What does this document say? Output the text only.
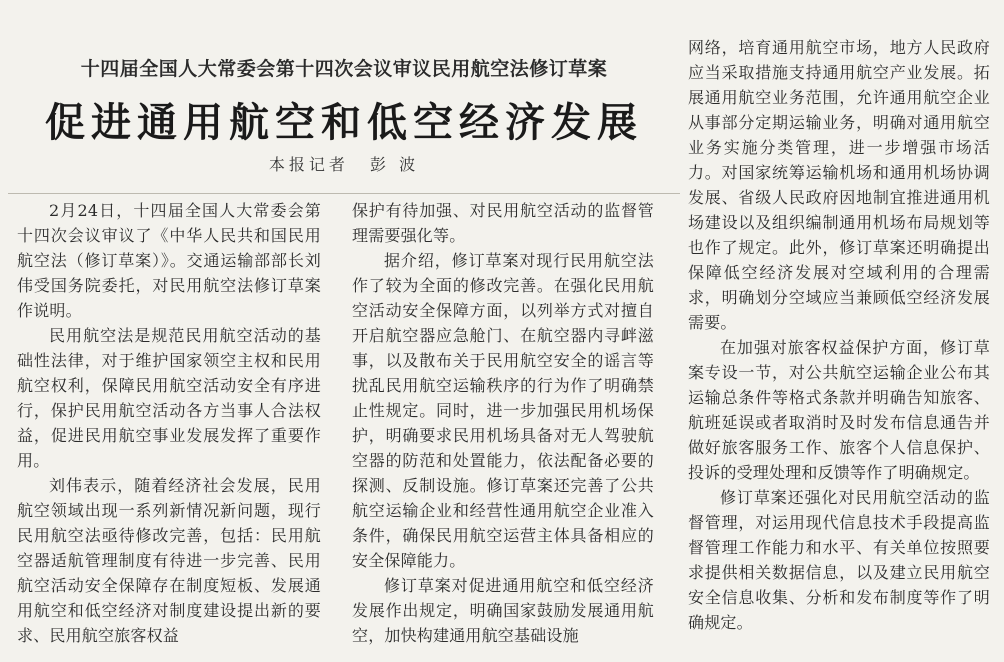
十四届全国人大常委会第十四次会议审议民用航空法修订草案
促进通用航空和低空经济发展
本报记者 彭 波

2月24日，十四届全国人大常委会第十四次会议审议了《中华人民共和国民用航空法（修订草案）》。交通运输部部长刘伟受国务院委托，对民用航空法修订草案作说明。

民用航空法是规范民用航空活动的基础性法律，对于维护国家领空主权和民用航空权利，保障民用航空活动安全有序进行，保护民用航空活动各方当事人合法权益，促进民用航空事业发展发挥了重要作用。

刘伟表示，随着经济社会发展，民用航空领域出现一系列新情况新问题，现行民用航空法亟待修改完善，包括：民用航空器适航管理制度有待进一步完善、民用航空活动安全保障存在制度短板、发展通用航空和低空经济对制度建设提出新的要求、民用航空旅客权益

保护有待加强、对民用航空活动的监督管理需要强化等。

据介绍，修订草案对现行民用航空法作了较为全面的修改完善。在强化民用航空活动安全保障方面，以列举方式对擅自开启航空器应急舱门、在航空器内寻衅滋事，以及散布关于民用航空安全的谣言等扰乱民用航空运输秩序的行为作了明确禁止性规定。同时，进一步加强民用机场保护，明确要求民用机场具备对无人驾驶航空器的防范和处置能力，依法配备必要的探测、反制设施。修订草案还完善了公共航空运输企业和经营性通用航空企业准入条件，确保民用航空运营主体具备相应的安全保障能力。

修订草案对促进通用航空和低空经济发展作出规定，明确国家鼓励发展通用航空，加快构建通用航空基础设施

网络，培育通用航空市场，地方人民政府应当采取措施支持通用航空产业发展。拓展通用航空业务范围，允许通用航空企业从事部分定期运输业务，明确对通用航空业务实施分类管理，进一步增强市场活力。对国家统筹运输机场和通用机场协调发展、省级人民政府因地制宜推进通用机场建设以及组织编制通用机场布局规划等也作了规定。此外，修订草案还明确提出保障低空经济发展对空域利用的合理需求，明确划分空域应当兼顾低空经济发展需要。

在加强对旅客权益保护方面，修订草案专设一节，对公共航空运输企业公布其运输总条件等格式条款并明确告知旅客、航班延误或者取消时及时发布信息通告并做好旅客服务工作、旅客个人信息保护、投诉的受理处理和反馈等作了明确规定。

修订草案还强化对民用航空活动的监督管理，对运用现代信息技术手段提高监督管理工作能力和水平、有关单位按照要求提供相关数据信息，以及建立民用航空安全信息收集、分析和发布制度等作了明确规定。
